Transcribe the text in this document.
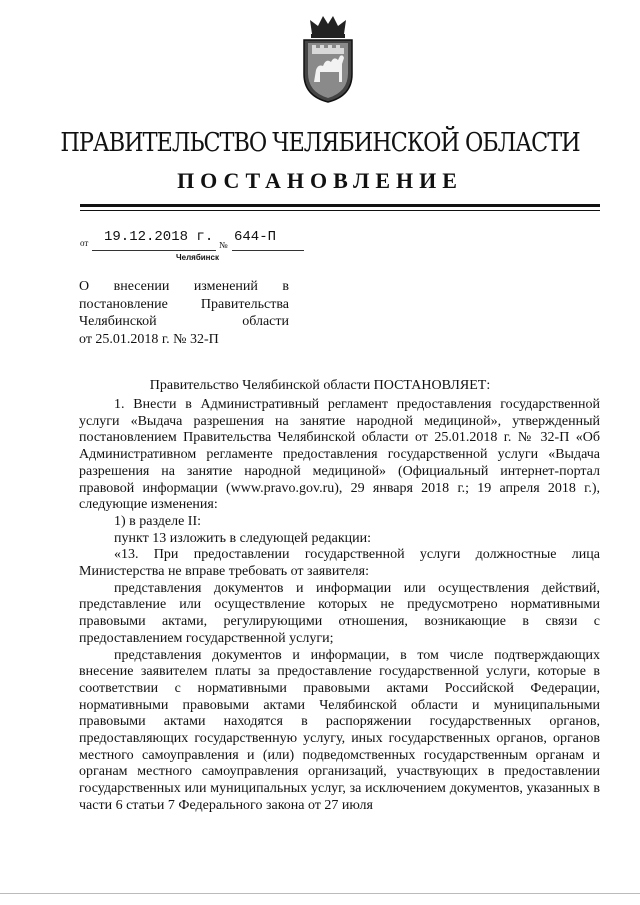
ПРАВИТЕЛЬСТВО ЧЕЛЯБИНСКОЙ ОБЛАСТИ
ПОСТАНОВЛЕНИЕ
от 19.12.2018 г. № 644-П
Челябинск
О внесении изменений в
постановление Правительства
Челябинской	области
от 25.01.2018 г. № 32-П
Правительство Челябинской области ПОСТАНОВЛЯЕТ:

1. Внести в Административный регламент предоставления государственной услуги «Выдача разрешения на занятие народной медициной», утвержденный постановлением Правительства Челябинской области от 25.01.2018 г. № 32-П «Об Административном регламенте предоставления государственной услуги «Выдача разрешения на занятие народной медициной» (Официальный интернет-портал правовой информации (www.pravo.gov.ru), 29 января 2018 г.; 19 апреля 2018 г.), следующие изменения:

1) в разделе II:

пункт 13 изложить в следующей редакции:

«13. При предоставлении государственной услуги должностные лица Министерства не вправе требовать от заявителя:

представления документов и информации или осуществления действий, представление или осуществление которых не предусмотрено нормативными правовыми актами, регулирующими отношения, возникающие в связи с предоставлением государственной услуги;

представления документов и информации, в том числе подтверждающих внесение заявителем платы за предоставление государственной услуги, которые в соответствии с нормативными правовыми актами Российской Федерации, нормативными правовыми актами Челябинской области и муниципальными правовыми актами находятся в распоряжении государственных органов, предоставляющих государственную услугу, иных государственных органов, органов местного самоуправления и (или) подведомственных государственным органам и органам местного самоуправления организаций, участвующих в предоставлении государственных или муниципальных услуг, за исключением документов, указанных в части 6 статьи 7 Федерального закона от 27 июля
